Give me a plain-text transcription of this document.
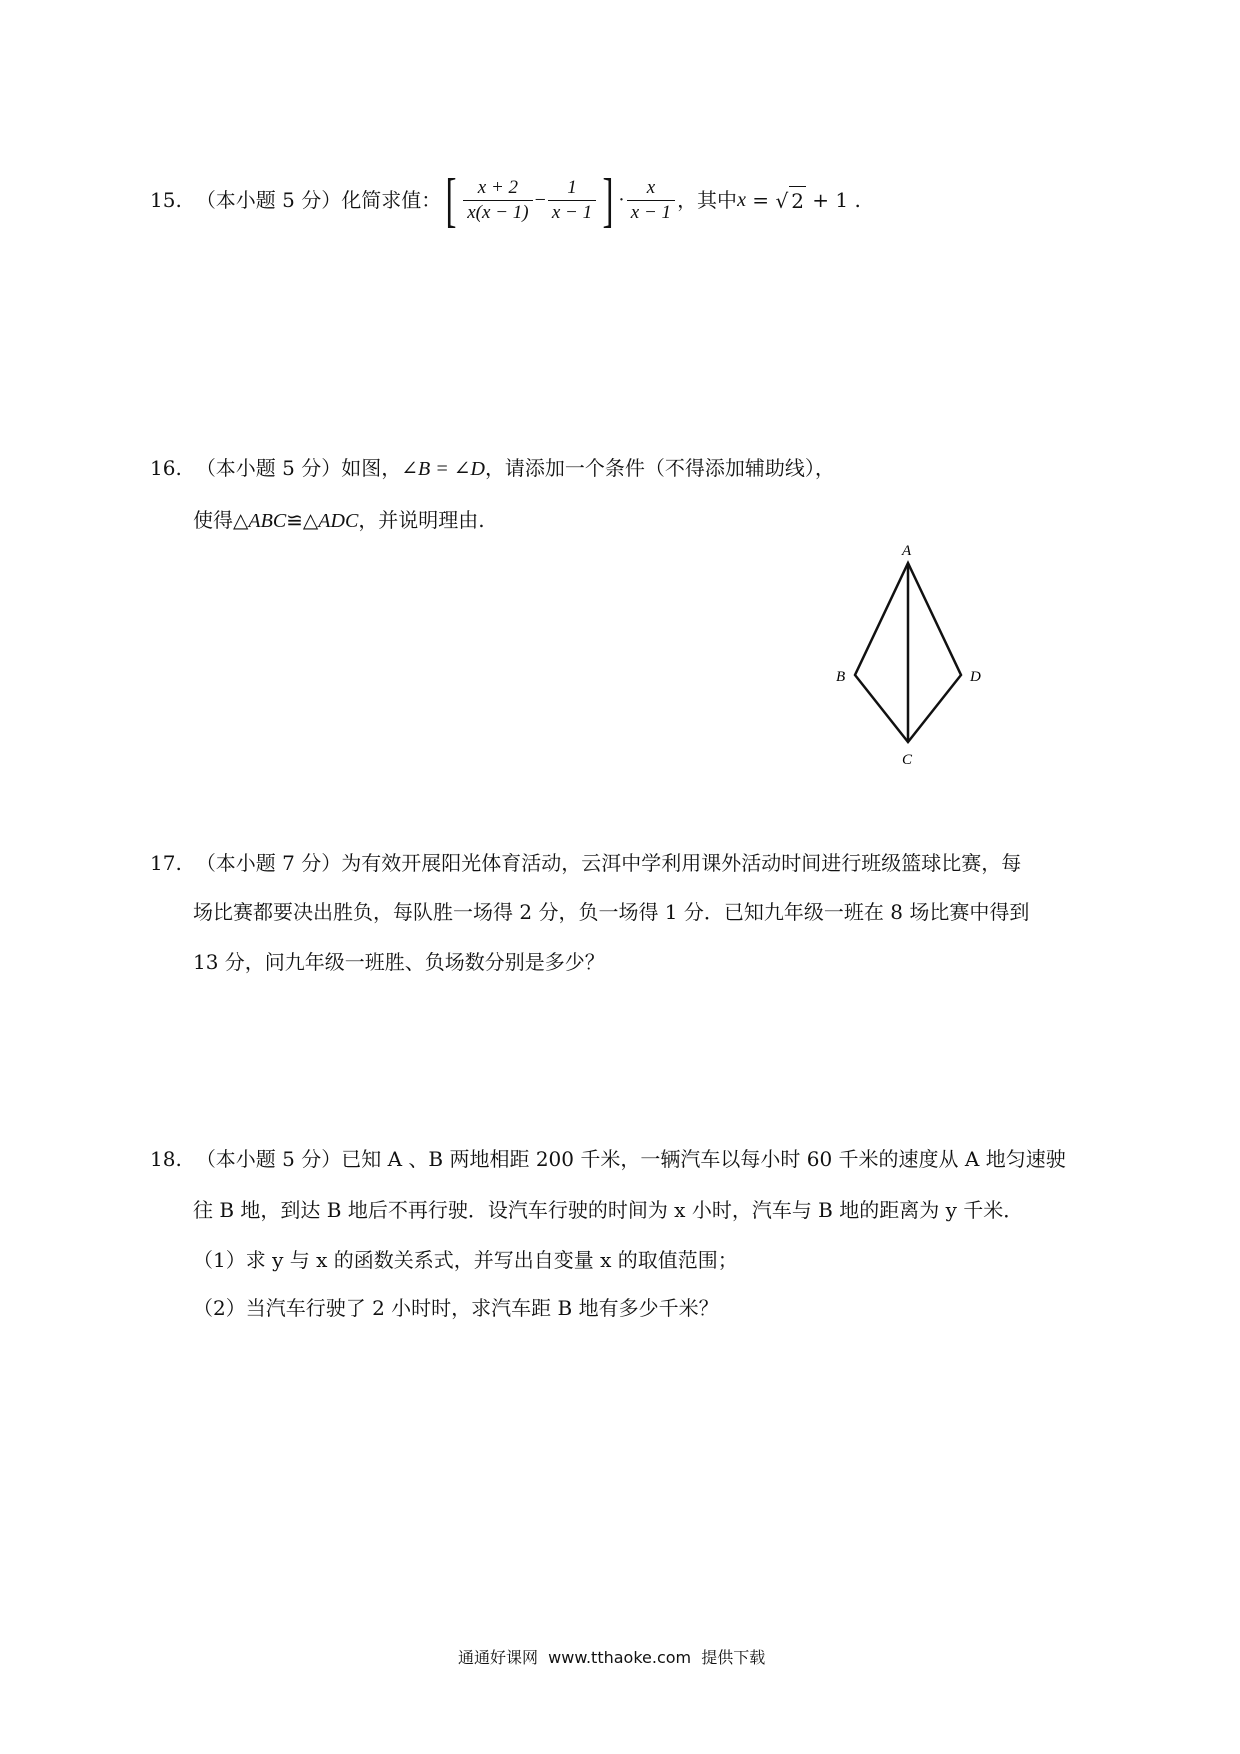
15. （本小题 5 分） 化简求值： [ $\frac{x + 2}{x(x - 1)} - \frac{1}{x - 1}$ ] · $\frac{x}{x - 1}$ ，其中 x = √ 2 + 1 .
16. （本小题 5 分）如图，∠B = ∠D，请添加一个条件（不得添加辅助线），
使得△ABC≌△ADC，并说明理由.
A
B
C
D
17. （本小题 7 分）为有效开展阳光体育活动，云洱中学利用课外活动时间进行班级篮球比赛，每
场比赛都要决出胜负，每队胜一场得 2 分，负一场得 1 分．已知九年级一班在 8 场比赛中得到
13 分，问九年级一班胜、负场数分别是多少？
18. （本小题 5 分）已知 A 、B 两地相距 200 千米，一辆汽车以每小时 60 千米的速度从 A 地匀速驶
往 B 地，到达 B 地后不再行驶．设汽车行驶的时间为 x 小时，汽车与 B 地的距离为 y 千米．
（1）求 y 与 x 的函数关系式，并写出自变量 x 的取值范围；
（2）当汽车行驶了 2 小时时，求汽车距 B 地有多少千米？
通通好课网  www.tthaoke.com  提供下载
